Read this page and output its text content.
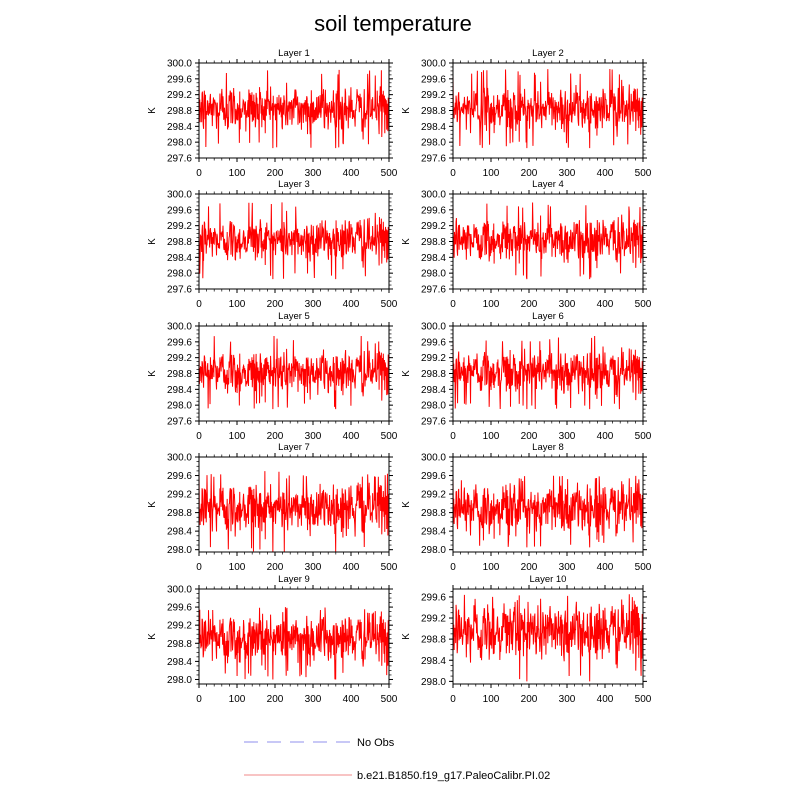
soil temperature
Layer 1
K
297.6
298.0
298.4
298.8
299.2
299.6
300.0
0	100 200 300 400 500
Layer 2
K
297.6
298.0
298.4
298.8
299.2
299.6
300.0
0	100 200 300 400 500
Layer 3
K
297.6
298.0
298.4
298.8
299.2
299.6
300.0
0	100 200 300 400 500
Layer 4
K
297.6
298.0
298.4
298.8
299.2
299.6
300.0
0	100 200 300 400 500
Layer 5
K
297.6
298.0
298.4
298.8
299.2
299.6
300.0
0	100 200 300 400 500
Layer 6
K
297.6
298.0
298.4
298.8
299.2
299.6
300.0
0	100 200 300 400 500
Layer 7
K
298.0
298.4
298.8
299.2
299.6
300.0
0	100 200 300 400 500
Layer 8
K
298.0
298.4
298.8
299.2
299.6
300.0
0	100 200 300 400 500
Layer 9
K
298.0
298.4
298.8
299.2
299.6
300.0
0	100 200 300 400 500
Layer 10
K
298.0
298.4
298.8
299.2
299.6
0	100 200 300 400 500
No Obs
b.e21.B1850.f19_g17.PaleoCalibr.PI.02
